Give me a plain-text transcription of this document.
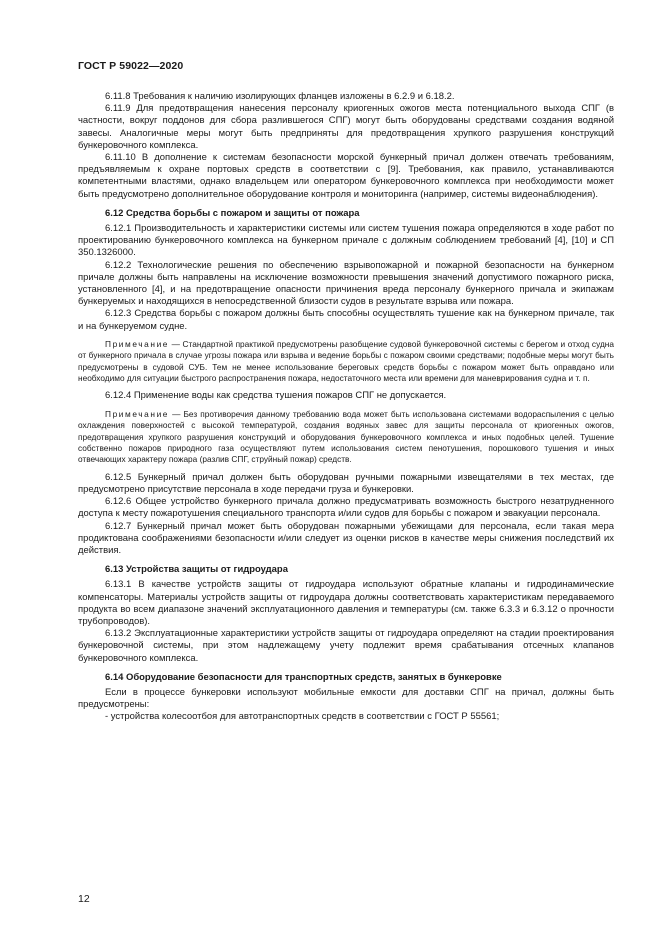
ГОСТ Р 59022—2020

6.11.8 Требования к наличию изолирующих фланцев изложены в 6.2.9 и 6.18.2.

6.11.9 Для предотвращения нанесения персоналу криогенных ожогов места потенциального выхода СПГ (в частности, вокруг поддонов для сбора разлившегося СПГ) могут быть оборудованы средствами создания водяной завесы. Аналогичные меры могут быть предприняты для предотвращения хрупкого разрушения конструкций бункеровочного комплекса.

6.11.10 В дополнение к системам безопасности морской бункерный причал должен отвечать требованиям, предъявляемым к охране портовых средств в соответствии с [9]. Требования, как правило, устанавливаются компетентными властями, однако владельцем или оператором бункеровочного комплекса при необходимости может быть предусмотрено дополнительное оборудование контроля и мониторинга (например, системы видеонаблюдения).

6.12 Средства борьбы с пожаром и защиты от пожара

6.12.1 Производительность и характеристики системы или систем тушения пожара определяются в ходе работ по проектированию бункеровочного комплекса на бункерном причале с должным соблюдением требований [4], [10] и СП 350.1326000.

6.12.2 Технологические решения по обеспечению взрывопожарной и пожарной безопасности на бункерном причале должны быть направлены на исключение возможности превышения значений допустимого пожарного риска, установленного [4], и на предотвращение опасности причинения вреда персоналу бункерного причала и экипажам бункеруемых и находящихся в непосредственной близости судов в результате взрыва или пожара.

6.12.3 Средства борьбы с пожаром должны быть способны осуществлять тушение как на бункерном причале, так и на бункеруемом судне.

Примечание — Стандартной практикой предусмотрены разобщение судовой бункеровочной системы с берегом и отход судна от бункерного причала в случае угрозы пожара или взрыва и ведение борьбы с пожаром своими средствами; подобные меры могут быть предусмотрены в судовой СУБ. Тем не менее использование береговых средств борьбы с пожаром может быть оправдано или необходимо для ситуации быстрого распространения пожара, недостаточного места или времени для маневрирования судна и т. п.

6.12.4 Применение воды как средства тушения пожаров СПГ не допускается.

Примечание — Без противоречия данному требованию вода может быть использована системами водораспыления с целью охлаждения поверхностей с высокой температурой, создания водяных завес для защиты персонала от криогенных ожогов, предотвращения хрупкого разрушения конструкций и оборудования бункеровочного комплекса и иных подобных целей. Тушение собственно пожаров природного газа осуществляют путем использования систем пенотушения, порошкового тушения и иных отвечающих характеру пожара (разлив СПГ, струйный пожар) средств.

6.12.5 Бункерный причал должен быть оборудован ручными пожарными извещателями в тех местах, где предусмотрено присутствие персонала в ходе передачи груза и бункеровки.

6.12.6 Общее устройство бункерного причала должно предусматривать возможность быстрого незатрудненного доступа к месту пожаротушения специального транспорта и/или судов для борьбы с пожаром и эвакуации персонала.

6.12.7 Бункерный причал может быть оборудован пожарными убежищами для персонала, если такая мера продиктована соображениями безопасности и/или следует из оценки рисков в качестве меры снижения последствий их действия.

6.13 Устройства защиты от гидроудара

6.13.1 В качестве устройств защиты от гидроудара используют обратные клапаны и гидродинамические компенсаторы. Материалы устройств защиты от гидроудара должны соответствовать характеристикам передаваемого продукта во всем диапазоне значений эксплуатационного давления и температуры (см. также 6.3.3 и 6.3.12 о прочности трубопроводов).

6.13.2 Эксплуатационные характеристики устройств защиты от гидроудара определяют на стадии проектирования бункеровочной системы, при этом надлежащему учету подлежит время срабатывания отсечных клапанов бункеровочного комплекса.

6.14 Оборудование безопасности для транспортных средств, занятых в бункеровке

Если в процессе бункеровки используют мобильные емкости для доставки СПГ на причал, должны быть предусмотрены:

- устройства колесоотбоя для автотранспортных средств в соответствии с ГОСТ Р 55561;

12
